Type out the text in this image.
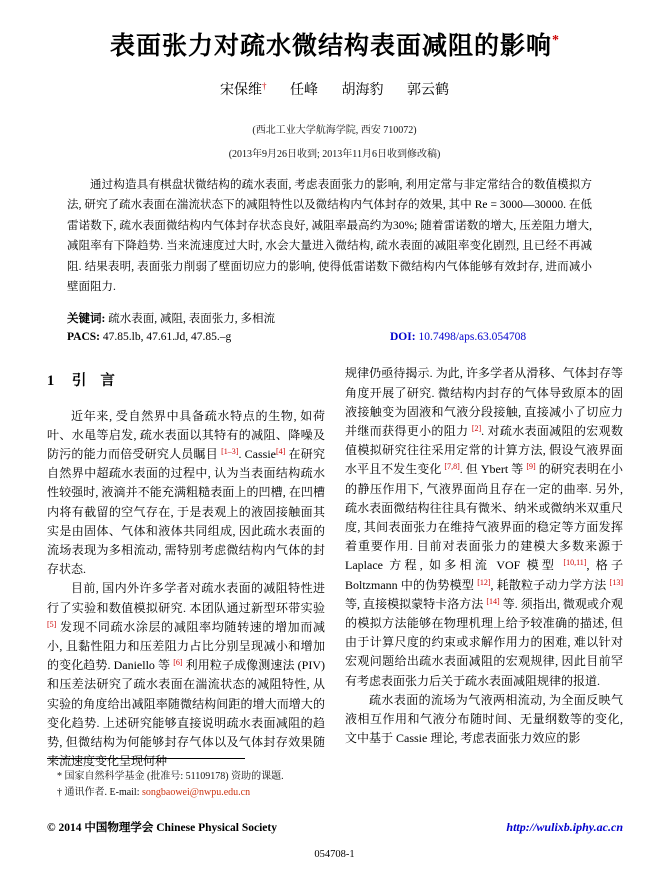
表面张力对疏水微结构表面减阻的影响*
宋保维† 任峰 胡海豹 郭云鹤
(西北工业大学航海学院, 西安 710072)
(2013年9月26日收到; 2013年11月6日收到修改稿)
通过构造具有棋盘状微结构的疏水表面, 考虑表面张力的影响, 利用定常与非定常结合的数值模拟方法, 研究了疏水表面在湍流状态下的减阻特性以及微结构内气体封存的效果, 其中 Re = 3000—30000. 在低雷诺数下, 疏水表面微结构内气体封存状态良好, 减阻率最高约为30%; 随着雷诺数的增大, 压差阻力增大, 减阻率有下降趋势. 当来流速度过大时, 水会大量进入微结构, 疏水表面的减阻率变化剧烈, 且已经不再减阻. 结果表明, 表面张力削弱了壁面切应力的影响, 使得低雷诺数下微结构内气体能够有效封存, 进而减小壁面阻力.
关键词: 疏水表面, 减阻, 表面张力, 多相流
PACS: 47.85.lb, 47.61.Jd, 47.85.–g	DOI: 10.7498/aps.63.054708
1 引言

近年来, 受自然界中具备疏水特点的生物, 如荷叶、水黾等启发, 疏水表面以其特有的减阻、降噪及防污的能力而倍受研究人员瞩目 [1–3]. Cassie[4] 在研究自然界中超疏水表面的过程中, 认为当表面结构疏水性较强时, 液滴并不能充满粗糙表面上的凹槽, 在凹槽内将有截留的空气存在, 于是表观上的液固接触面其实是由固体、气体和液体共同组成, 因此疏水表面的流场表现为多相流动, 需特别考虑微结构内气体的封存状态.

目前, 国内外许多学者对疏水表面的减阻特性进行了实验和数值模拟研究. 本团队通过新型环带实验 [5] 发现不同疏水涂层的减阻率均随转速的增加而减小, 且黏性阻力和压差阻力占比分别呈现减小和增加的变化趋势. Daniello 等 [6] 利用粒子成像测速法 (PIV) 和压差法研究了疏水表面在湍流状态的减阻特性, 从实验的角度给出减阻率随微结构间距的增大而增大的变化趋势. 上述研究能够直接说明疏水表面减阻的趋势, 但微结构为何能够封存气体以及气体封存效果随来流速度变化呈现何种

规律仍亟待揭示. 为此, 许多学者从滑移、气体封存等角度开展了研究. 微结构内封存的气体导致原本的固液接触变为固液和气液分段接触, 直接减小了切应力并继而获得更小的阻力 [2]. 对疏水表面减阻的宏观数值模拟研究往往采用定常的计算方法, 假设气液界面水平且不发生变化 [7,8]. 但 Ybert 等 [9] 的研究表明在小的静压作用下, 气液界面尚且存在一定的曲率. 另外, 疏水表面微结构往往具有微米、纳米或微纳米双重尺度, 其间表面张力在维持气液界面的稳定等方面发挥着重要作用. 目前对表面张力的建模大多数来源于 Laplace 方程, 如多相流 VOF 模型 [10,11], 格子 Boltzmann 中的伪势模型 [12], 耗散粒子动力学方法 [13] 等, 直接模拟蒙特卡洛方法 [14] 等. 须指出, 微观或介观的模拟方法能够在物理机理上给予较准确的描述, 但由于计算尺度的约束或求解作用力的困难, 难以针对宏观问题给出疏水表面减阻的宏观规律, 因此目前罕有考虑表面张力后关于疏水表面减阻规律的报道.

疏水表面的流场为气液两相流动, 为全面反映气液相互作用和气液分布随时间、无量纲数等的变化, 文中基于 Cassie 理论, 考虑表面张力效应的影

* 国家自然科学基金 (批准号: 51109178) 资助的课题.
† 通讯作者. E-mail: songbaowei@nwpu.edu.cn
© 2014 中国物理学会 Chinese Physical Society	http://wulixb.iphy.ac.cn
054708-1
